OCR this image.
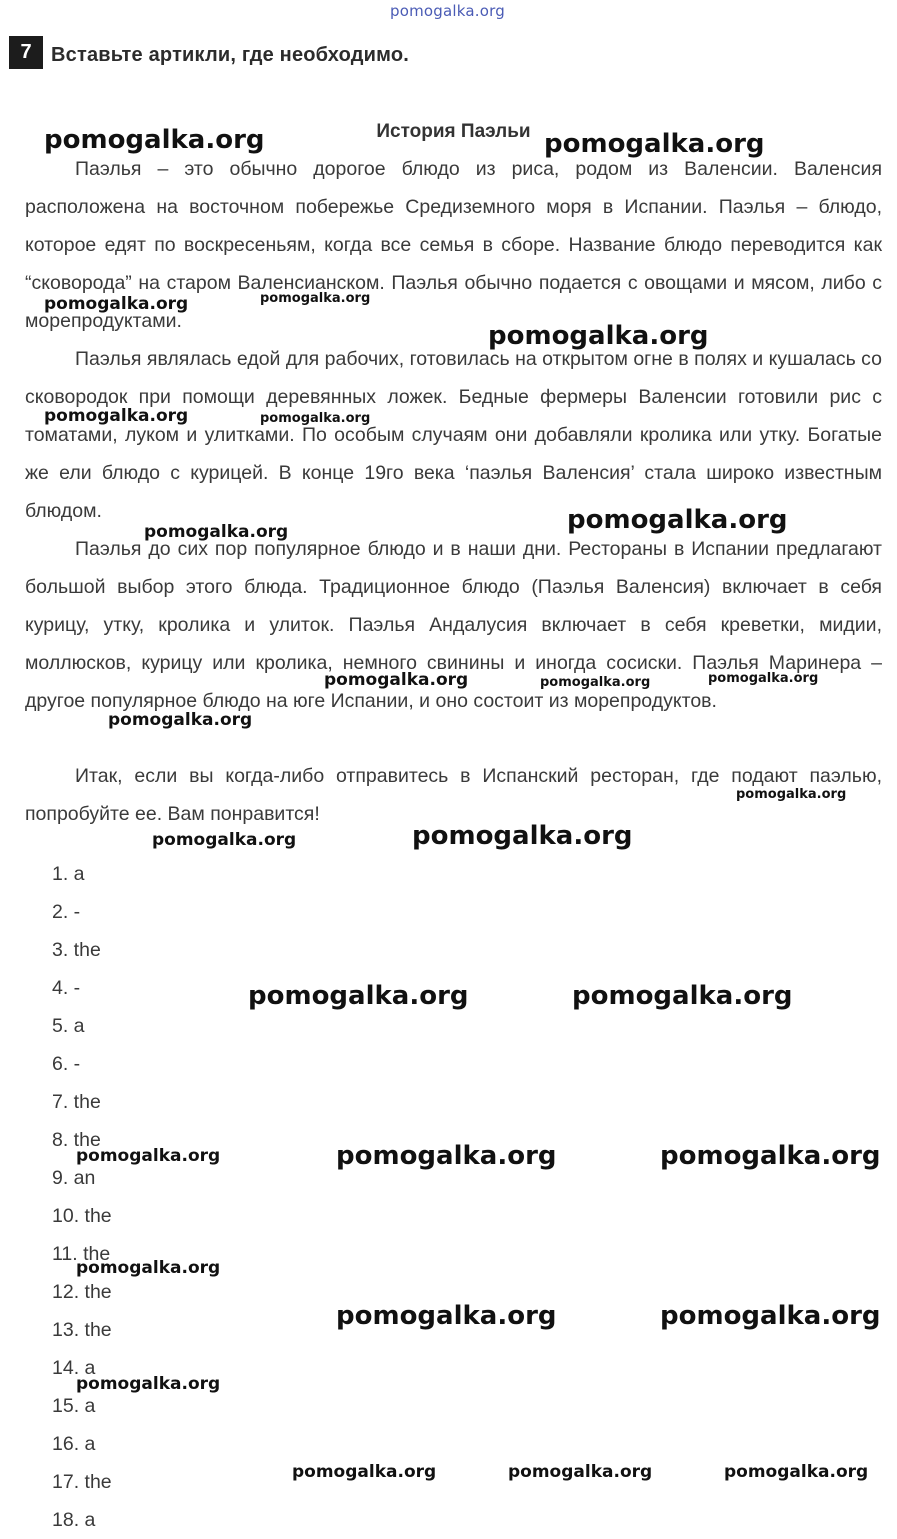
pomogalka.org
7 Вставьте артикли, где необходимо.
История Паэльи

Паэлья – это обычно дорогое блюдо из риса, родом из Валенсии. Валенсия расположена на восточном побережье Средиземного моря в Испании. Паэлья – блюдо, которое едят по воскресеньям, когда все семья в сборе. Название блюдо переводится как “сковорода” на старом Валенсианском. Паэлья обычно подается с овощами и мясом, либо с морепродуктами.

Паэлья являлась едой для рабочих, готовилась на открытом огне в полях и кушалась со сковородок при помощи деревянных ложек. Бедные фермеры Валенсии готовили рис с томатами, луком и улитками. По особым случаям они добавляли кролика или утку. Богатые же ели блюдо с курицей. В конце 19го века ‘паэлья Валенсия’ стала широко известным блюдом.

Паэлья до сих пор популярное блюдо и в наши дни. Рестораны в Испании предлагают большой выбор этого блюда. Традиционное блюдо (Паэлья Валенсия) включает в себя курицу, утку, кролика и улиток. Паэлья Андалусия включает в себя креветки, мидии, моллюсков, курицу или кролика, немного свинины и иногда сосиски. Паэлья Маринера – другое популярное блюдо на юге Испании, и оно состоит из морепродуктов.

Итак, если вы когда-либо отправитесь в Испанский ресторан, где подают паэлью, попробуйте ее. Вам понравится!

1. a
2. -
3. the
4. -
5. a
6. -
7. the
8. the
9. an
10. the
11. the
12. the
13. the
14. a
15. a
16. a
17. the
18. a
pomogalka.org	pomogalka.org
pomogalka.org	pomogalka.org
pomogalka.org
pomogalka.org	pomogalka.org
pomogalka.org
pomogalka.org
pomogalka.org	pomogalka.org	pomogalka.org
pomogalka.org
pomogalka.org
pomogalka.org	pomogalka.org
pomogalka.org	pomogalka.org
pomogalka.org	pomogalka.org	pomogalka.org
pomogalka.org
pomogalka.org	pomogalka.org
pomogalka.org
pomogalka.org	pomogalka.org	pomogalka.org
